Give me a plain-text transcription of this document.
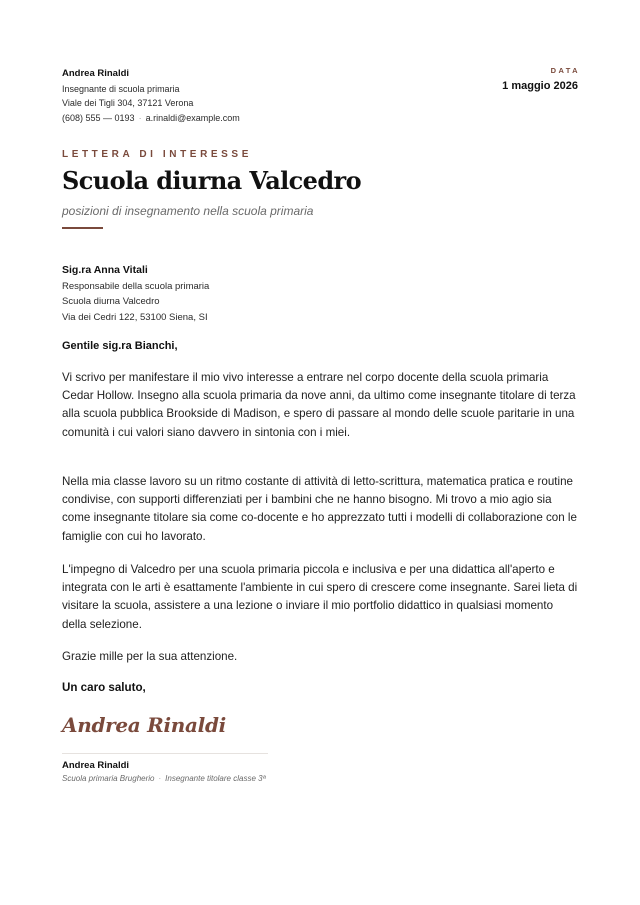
Andrea Rinaldi
Insegnante di scuola primaria
Viale dei Tigli 304, 37121 Verona
(608) 555 — 0193 · a.rinaldi@example.com
DATA
1 maggio 2026
LETTERA DI INTERESSE
Scuola diurna Valcedro
posizioni di insegnamento nella scuola primaria
Sig.ra Anna Vitali
Responsabile della scuola primaria
Scuola diurna Valcedro
Via dei Cedri 122, 53100 Siena, SI
Gentile sig.ra Bianchi,
Vi scrivo per manifestare il mio vivo interesse a entrare nel corpo docente della scuola primaria Cedar Hollow. Insegno alla scuola primaria da nove anni, da ultimo come insegnante titolare di terza alla scuola pubblica Brookside di Madison, e spero di passare al mondo delle scuole paritarie in una comunità i cui valori siano davvero in sintonia con i miei.
Nella mia classe lavoro su un ritmo costante di attività di letto-scrittura, matematica pratica e routine condivise, con supporti differenziati per i bambini che ne hanno bisogno. Mi trovo a mio agio sia come insegnante titolare sia come co-docente e ho apprezzato tutti i modelli di collaborazione con le famiglie con cui ho lavorato.
L'impegno di Valcedro per una scuola primaria piccola e inclusiva e per una didattica all'aperto e integrata con le arti è esattamente l'ambiente in cui spero di crescere come insegnante. Sarei lieta di visitare la scuola, assistere a una lezione o inviare il mio portfolio didattico in qualsiasi momento della selezione.
Grazie mille per la sua attenzione.
Un caro saluto,
Andrea Rinaldi
Andrea Rinaldi
Scuola primaria Brugherio · Insegnante titolare classe 3ª
